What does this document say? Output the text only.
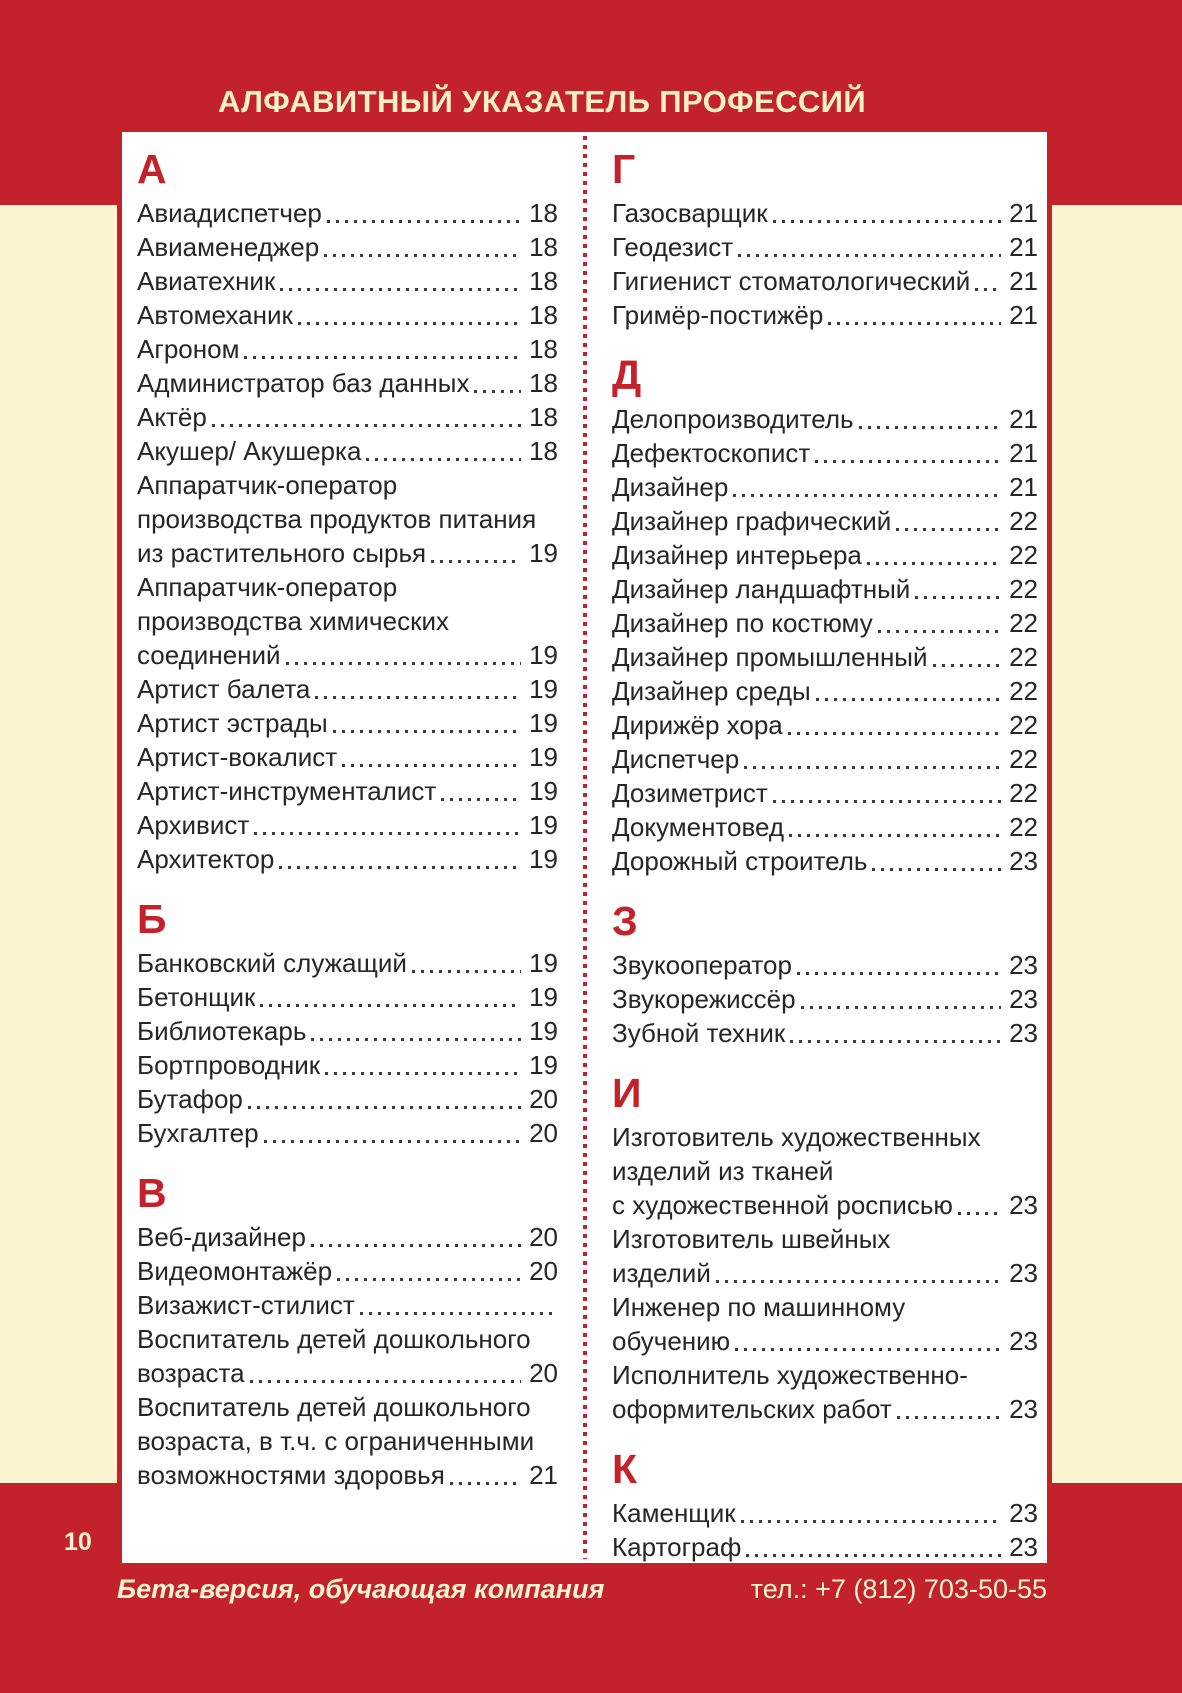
АЛФАВИТНЫЙ УКАЗАТЕЛЬ ПРОФЕССИЙ
А
Авиадиспетчер	18
Авиаменеджер	18
Авиатехник	18
Автомеханик	18
Агроном	18
Администратор баз данных 18
Актёр	18
Акушер/ Акушерка	18
Аппаратчик-оператор
производства продуктов питания
из растительного сырья	19
Аппаратчик-оператор
производства химических
соединений	19
Артист балета	19
Артист эстрады	19
Артист-вокалист	19
Артист-инструменталист	19
Архивист	19
Архитектор	19
Б
Банковский служащий	19
Бетонщик	19
Библиотекарь	19
Бортпроводник	19
Бутафор	20
Бухгалтер	20
В
Веб-дизайнер	20
Видеомонтажёр	20
Визажист-стилист
Воспитатель детей дошкольного
возраста	20
Воспитатель детей дошкольного
возраста, в т.ч. с ограниченными
возможностями здоровья	21
Г
Газосварщик	21
Геодезист	21
Гигиенист стоматологический 21
Гримёр-постижёр	21
Д
Делопроизводитель	21
Дефектоскопист	21
Дизайнер	21
Дизайнер графический	22
Дизайнер интерьера	22
Дизайнер ландшафтный	22
Дизайнер по костюму	22
Дизайнер промышленный	22
Дизайнер среды	22
Дирижёр хора	22
Диспетчер	22
Дозиметрист	22
Документовед	22
Дорожный строитель	23
З
Звукооператор	23
Звукорежиссёр	23
Зубной техник	23
И
Изготовитель художественных
изделий из тканей
с художественной росписью 23
Изготовитель швейных
изделий	23
Инженер по машинному
обучению	23
Исполнитель художественно-
оформительских работ	23
К
Каменщик	23
Картограф	23
10
Бета-версия, обучающая компания	тел.: +7 (812) 703-50-55
